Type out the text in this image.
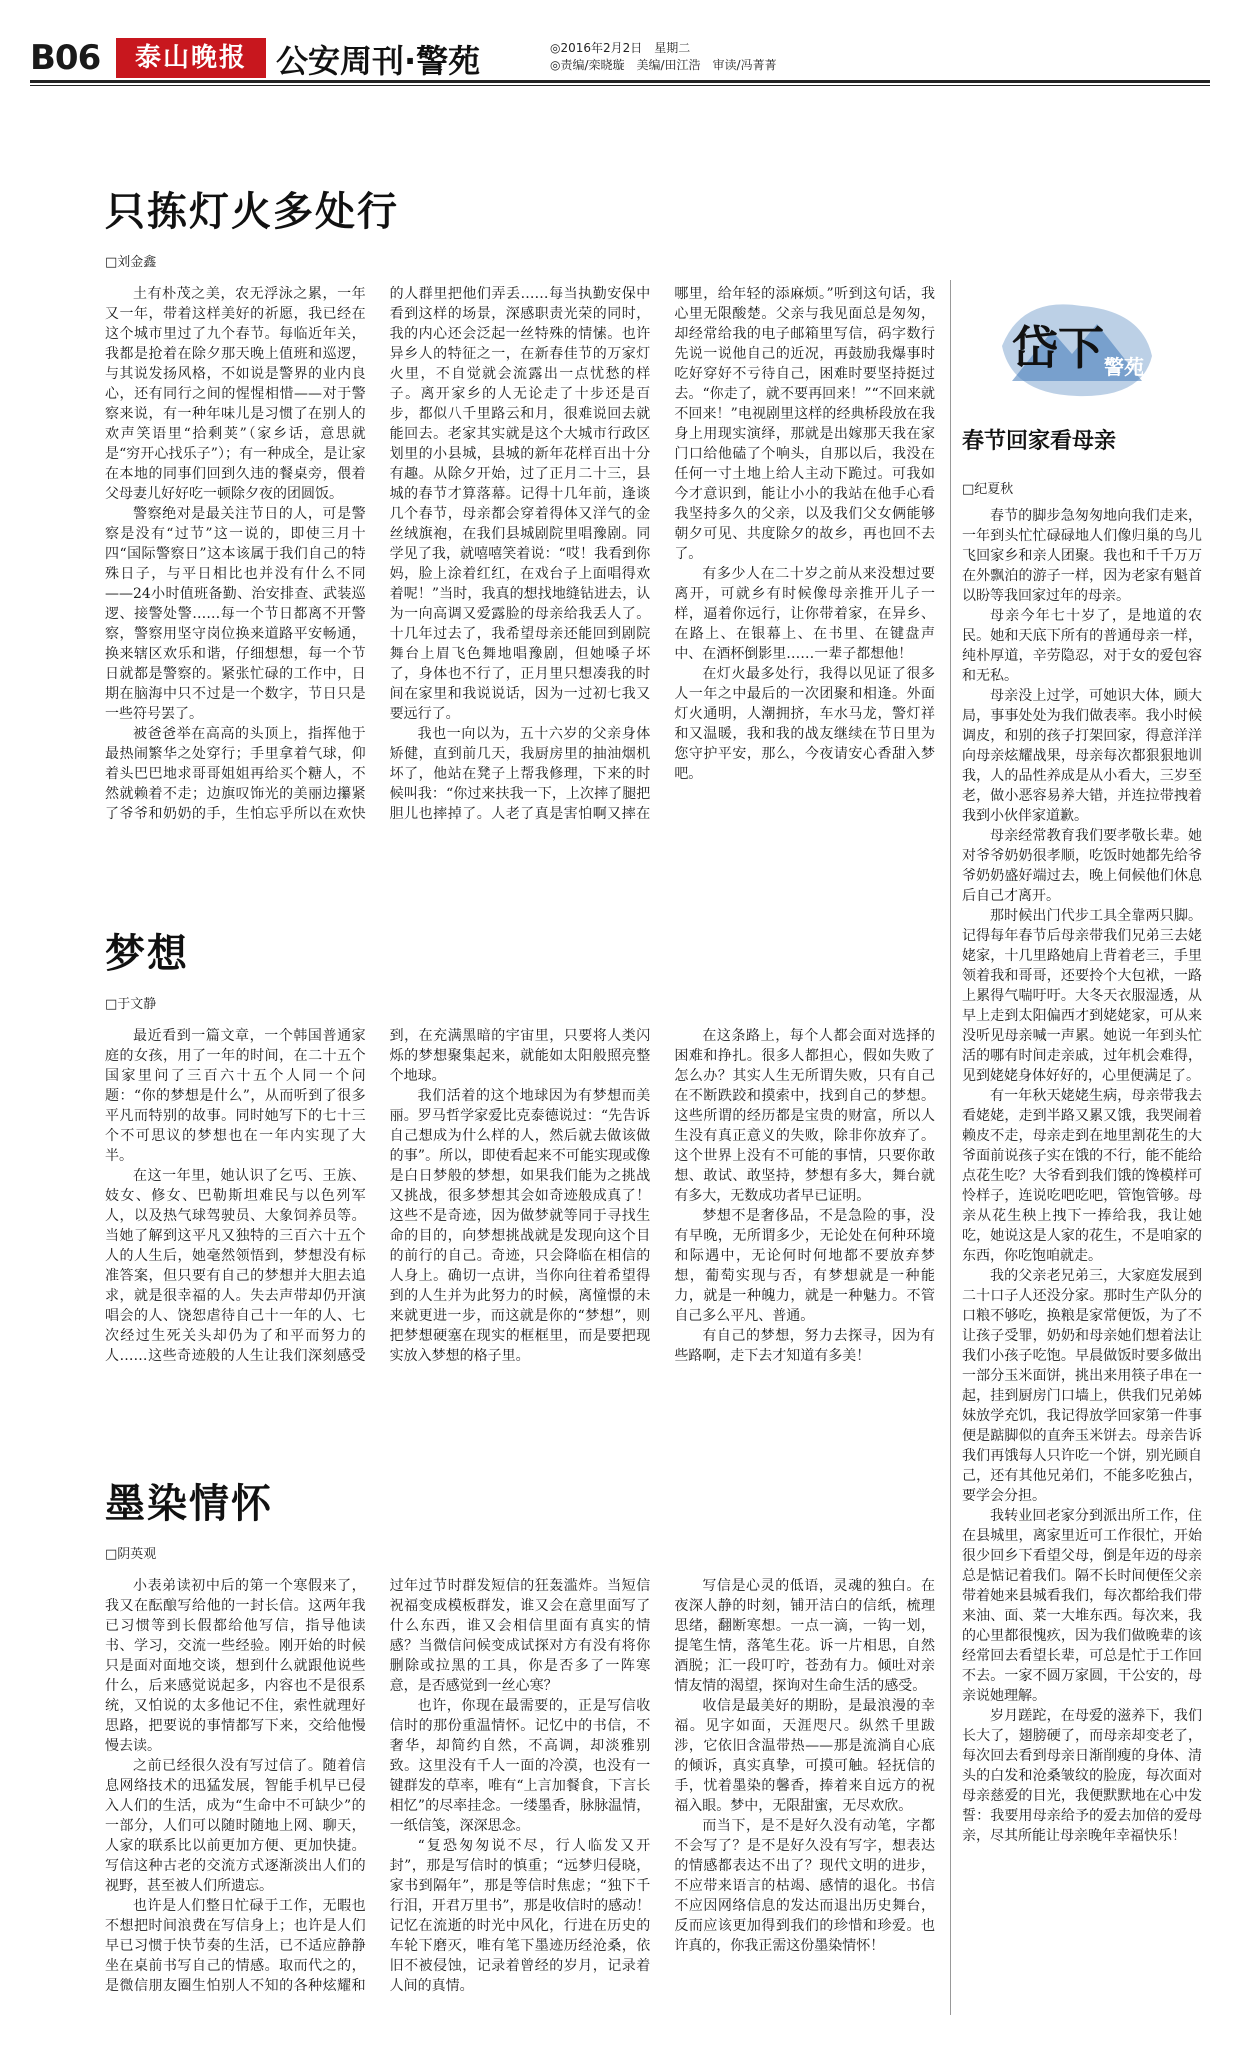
B06	泰山晚报 公安周刊·警苑	◎2016年2月2日　星期二
◎责编/栾晓璇　美编/田江浩　审读/冯菁菁
只拣灯火多处行
□刘金鑫

土有朴茂之美，农无浮泳之累，一年又一年，带着这样美好的祈愿，我已经在这个城市里过了九个春节。每临近年关，我都是抢着在除夕那天晚上值班和巡逻，与其说发扬风格，不如说是警界的业内良心，还有同行之间的惺惺相惜——对于警察来说，有一种年味儿是习惯了在别人的欢声笑语里“拾剩荚”（家乡话，意思就是“穷开心找乐子”）；有一种成全，是让家在本地的同事们回到久违的餐桌旁，偎着父母妻儿好好吃一顿除夕夜的团圆饭。

警察绝对是最关注节日的人，可是警察是没有“过节”这一说的，即使三月十四“国际警察日”这本该属于我们自己的特殊日子，与平日相比也并没有什么不同——24小时值班备勤、治安排查、武装巡逻、接警处警……每一个节日都离不开警察，警察用坚守岗位换来道路平安畅通，换来辖区欢乐和谐，仔细想想，每一个节日就都是警察的。紧张忙碌的工作中，日期在脑海中只不过是一个数字，节日只是一些符号罢了。

被爸爸举在高高的头顶上，指挥他于最热闹繁华之处穿行；手里拿着气球，仰着头巴巴地求哥哥姐姐再给买个糖人，不然就赖着不走；边旗叹饰光的美丽边攥紧了爷爷和奶奶的手，生怕忘乎所以在欢快的人群里把他们弄丢……每当执勤安保中看到这样的场景，深感职责光荣的同时，我的内心还会泛起一丝特殊的情愫。也许异乡人的特征之一，在新春佳节的万家灯火里，不自觉就会流露出一点忧愁的样子。离开家乡的人无论走了十步还是百步，都似八千里路云和月，很难说回去就能回去。老家其实就是这个大城市行政区划里的小县城，县城的新年花样百出十分有趣。从除夕开始，过了正月二十三，县城的春节才算落幕。记得十几年前，逢谈几个春节，母亲都会穿着得体又洋气的金丝绒旗袍，在我们县城剧院里唱豫剧。同学见了我，就嘻嘻笑着说：“哎！我看到你妈，脸上涂着红红，在戏台子上面唱得欢着呢！”当时，我真的想找地缝钻进去，认为一向高调又爱露脸的母亲给我丢人了。十几年过去了，我希望母亲还能回到剧院舞台上眉飞色舞地唱豫剧，但她嗓子坏了，身体也不行了，正月里只想凑我的时间在家里和我说说话，因为一过初七我又要远行了。

我也一向以为，五十六岁的父亲身体矫健，直到前几天，我厨房里的抽油烟机坏了，他站在凳子上帮我修理，下来的时候叫我：“你过来扶我一下，上次摔了腿把胆儿也摔掉了。人老了真是害怕啊又摔在哪里，给年轻的添麻烦。”听到这句话，我心里无限酸楚。父亲与我见面总是匆匆，却经常给我的电子邮箱里写信，码字数行先说一说他自己的近况，再鼓励我爆事时吃好穿好不亏待自己，困难时要坚持挺过去。“你走了，就不要再回来！”“不回来就不回来！”电视剧里这样的经典桥段放在我身上用现实演绎，那就是出嫁那天我在家门口给他磕了个响头，自那以后，我没在任何一寸土地上给人主动下跪过。可我如今才意识到，能让小小的我站在他手心看我坚持多久的父亲，以及我们父女俩能够朝夕可见、共度除夕的故乡，再也回不去了。

有多少人在二十岁之前从来没想过要离开，可就乡有时候像母亲推开儿子一样，逼着你远行，让你带着家，在异乡、在路上、在银幕上、在书里、在键盘声中、在酒杯倒影里……一辈子都想他！

在灯火最多处行，我得以见证了很多人一年之中最后的一次团聚和相逢。外面灯火通明，人潮拥挤，车水马龙，警灯祥和又温暖，我和我的战友继续在节日里为您守护平安，那么，今夜请安心香甜入梦吧。

梦想
□于文静

最近看到一篇文章，一个韩国普通家庭的女孩，用了一年的时间，在二十五个国家里问了三百六十五个人同一个问题：“你的梦想是什么”，从而听到了很多平凡而特别的故事。同时她写下的七十三个不可思议的梦想也在一年内实现了大半。

在这一年里，她认识了乞丐、王族、妓女、修女、巴勒斯坦难民与以色列军人，以及热气球驾驶员、大象饲养员等。当她了解到这平凡又独特的三百六十五个人的人生后，她毫然领悟到，梦想没有标准答案，但只要有自己的梦想并大胆去追求，就是很幸福的人。失去声带却仍开演唱会的人、饶恕虐待自己十一年的人、七次经过生死关头却仍为了和平而努力的人……这些奇迹般的人生让我们深刻感受到，在充满黑暗的宇宙里，只要将人类闪烁的梦想聚集起来，就能如太阳般照亮整个地球。

我们活着的这个地球因为有梦想而美丽。罗马哲学家爱比克泰德说过：“先告诉自己想成为什么样的人，然后就去做该做的事”。所以，即使看起来不可能实现或像是白日梦般的梦想，如果我们能为之挑战又挑战，很多梦想其会如奇迹般成真了！这些不是奇迹，因为做梦就等同于寻找生命的目的，向梦想挑战就是发现向这个目的前行的自己。奇迹，只会降临在相信的人身上。确切一点讲，当你向往着希望得到的人生并为此努力的时候，离憧憬的未来就更进一步，而这就是你的“梦想”，则把梦想硬塞在现实的框框里，而是要把现实放入梦想的格子里。

在这条路上，每个人都会面对选择的困难和挣扎。很多人都担心，假如失败了怎么办？其实人生无所谓失败，只有自己在不断跌跤和摸索中，找到自己的梦想。这些所谓的经历都是宝贵的财富，所以人生没有真正意义的失败，除非你放弃了。这个世界上没有不可能的事情，只要你敢想、敢试、敢坚持，梦想有多大，舞台就有多大，无数成功者早已证明。

梦想不是奢侈品，不是急险的事，没有早晚，无所谓多少，无论处在何种环境和际遇中，无论何时何地都不要放弃梦想，葡萄实现与否，有梦想就是一种能力，就是一种魄力，就是一种魅力。不管自己多么平凡、普通。

有自己的梦想，努力去探寻，因为有些路啊，走下去才知道有多美！

墨染情怀
□阴英观

小表弟读初中后的第一个寒假来了，我又在酝酿写给他的一封长信。这两年我已习惯等到长假都给他写信，指导他读书、学习，交流一些经验。刚开始的时候只是面对面地交谈，想到什么就跟他说些什么，后来感觉说起多，内容也不是很系统，又怕说的太多他记不住，索性就理好思路，把要说的事情都写下来，交给他慢慢去读。

之前已经很久没有写过信了。随着信息网络技术的迅猛发展，智能手机早已侵入人们的生活，成为“生命中不可缺少”的一部分，人们可以随时随地上网、聊天，人家的联系比以前更加方便、更加快捷。写信这种古老的交流方式逐渐淡出人们的视野，甚至被人们所遗忘。

也许是人们整日忙碌于工作，无暇也不想把时间浪费在写信身上；也许是人们早已习惯于快节奏的生活，已不适应静静坐在桌前书写自己的情感。取而代之的，是微信朋友圈生怕别人不知的各种炫耀和过年过节时群发短信的狂轰滥炸。当短信祝福变成模板群发，谁又会在意里面写了什么东西，谁又会相信里面有真实的情感？当微信问候变成试探对方有没有将你删除或拉黑的工具，你是否多了一阵寒意，是否感觉到一丝心寒？

也许，你现在最需要的，正是写信收信时的那份重温情怀。记忆中的书信，不奢华，却简约自然，不高调，却淡雅别致。这里没有千人一面的冷漠，也没有一键群发的草率，唯有“上言加餐食，下言长相忆”的尽率挂念。一缕墨香，脉脉温情，一纸信笺，深深思念。

“复恐匆匆说不尽，行人临发又开封”，那是写信时的慎重；“远梦归侵晓，家书到隔年”，那是等信时焦虑；“独下千行泪，开君万里书”，那是收信时的感动！记忆在流逝的时光中风化，行进在历史的车轮下磨灭，唯有笔下墨迹历经沧桑，依旧不被侵蚀，记录着曾经的岁月，记录着人间的真情。

写信是心灵的低语，灵魂的独白。在夜深人静的时刻，铺开洁白的信纸，梳理思绪，翻断寒想。一点一滴，一钩一划，提笔生情，落笔生花。诉一片相思，自然酒脱；汇一段叮咛，苍劲有力。倾吐对亲情友情的渴望，探询对生命生活的感受。

收信是最美好的期盼，是最浪漫的幸福。见字如面，天涯咫尺。纵然千里跋涉，它依旧含温带热——那是流淌自心底的倾诉，真实真挚，可摸可触。轻抚信的手，忧着墨染的馨香，捧着来自远方的祝福入眼。梦中，无限甜蜜，无尽欢欣。

而当下，是不是好久没有动笔，字都不会写了？是不是好久没有写字，想表达的情感都表达不出了？现代文明的进步，不应带来语言的枯竭、感情的退化。书信不应因网络信息的发达而退出历史舞台，反而应该更加得到我们的珍惜和珍爱。也许真的，你我正需这份墨染情怀！

岱下 警苑
春节回家看母亲
□纪夏秋

春节的脚步急匆匆地向我们走来，一年到头忙忙碌碌地人们像归巢的鸟儿飞回家乡和亲人团聚。我也和千千万万在外飘泊的游子一样，因为老家有魁首以盼等我回家过年的母亲。

母亲今年七十岁了，是地道的农民。她和天底下所有的普通母亲一样，纯朴厚道，辛劳隐忍，对于女的爱包容和无私。

母亲没上过学，可她识大体，顾大局，事事处处为我们做表率。我小时候调皮，和别的孩子打架回家，得意洋洋向母亲炫耀战果，母亲每次都狠狠地训我，人的品性养成是从小看大，三岁至老，做小恶容易养大错，并连拉带拽着我到小伙伴家道歉。

母亲经常教育我们要孝敬长辈。她对爷爷奶奶很孝顺，吃饭时她都先给爷爷奶奶盛好端过去，晚上伺候他们休息后自己才离开。

那时候出门代步工具全靠两只脚。记得每年春节后母亲带我们兄弟三去姥姥家，十几里路她肩上背着老三，手里领着我和哥哥，还要拎个大包袱，一路上累得气喘吁吁。大冬天衣服湿透，从早上走到太阳偏西才到姥姥家，可从来没听见母亲喊一声累。她说一年到头忙活的哪有时间走亲戚，过年机会难得，见到姥姥身体好好的，心里便满足了。

有一年秋天姥姥生病，母亲带我去看姥姥，走到半路又累又饿，我哭闹着赖皮不走，母亲走到在地里割花生的大爷面前说孩子实在饿的不行，能不能给点花生吃？大爷看到我们饿的馋模样可怜样子，连说吃吧吃吧，管饱管够。母亲从花生秧上拽下一捧给我，我让她吃，她说这是人家的花生，不是咱家的东西，你吃饱咱就走。

我的父亲老兄弟三，大家庭发展到二十口子人还没分家。那时生产队分的口粮不够吃，换粮是家常便饭，为了不让孩子受罪，奶奶和母亲她们想着法让我们小孩子吃饱。早晨做饭时要多做出一部分玉米面饼，挑出来用筷子串在一起，挂到厨房门口墙上，供我们兄弟姊妹放学充饥，我记得放学回家第一件事便是踮脚似的直奔玉米饼去。母亲告诉我们再饿每人只许吃一个饼，别光顾自己，还有其他兄弟们，不能多吃独占，要学会分担。

我转业回老家分到派出所工作，住在县城里，离家里近可工作很忙，开始很少回乡下看望父母，倒是年迈的母亲总是惦记着我们。隔不长时间便侄父亲带着她来县城看我们，每次都给我们带来油、面、菜一大堆东西。每次来，我的心里都很愧疚，因为我们做晚辈的该经常回去看望长辈，可总是忙于工作回不去。一家不圆万家圆，干公安的，母亲说她理解。

岁月蹉跎，在母爱的滋养下，我们长大了，翅膀硬了，而母亲却变老了，每次回去看到母亲日渐削瘦的身体、清头的白发和沧桑皱纹的脸庞，每次面对母亲慈爱的目光，我便默默地在心中发誓：我要用母亲给予的爱去加倍的爱母亲，尽其所能让母亲晚年幸福快乐！
